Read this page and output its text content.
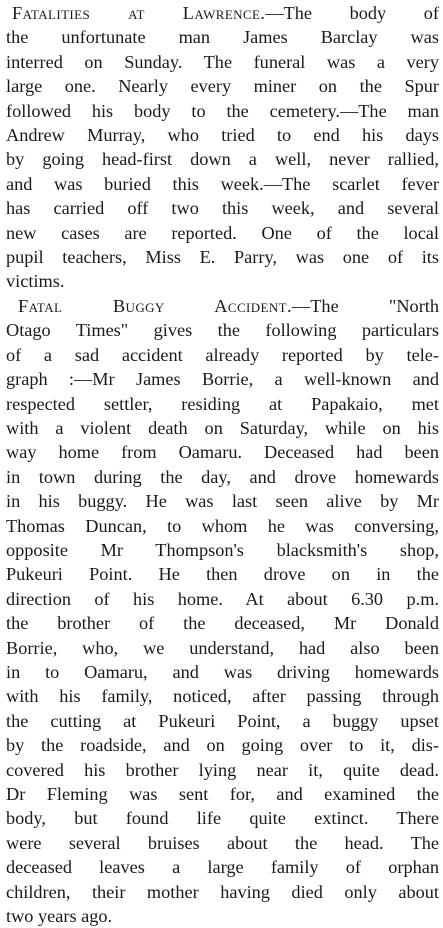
Fatalities at Lawrence.—The body of
the unfortunate man James Barclay was
interred on Sunday. The funeral was a very
large one. Nearly every miner on the Spur
followed his body to the cemetery.—The man
Andrew Murray, who tried to end his days
by going head-first down a well, never rallied,
and was buried this week.—The scarlet fever
has carried off two this week, and several
new cases are reported. One of the local
pupil teachers, Miss E. Parry, was one of its
victims.
Fatal Buggy Accident.—The "North
Otago Times" gives the following particulars
of a sad accident already reported by tele-
graph :—Mr James Borrie, a well-known and
respected settler, residing at Papakaio, met
with a violent death on Saturday, while on his
way home from Oamaru. Deceased had been
in town during the day, and drove homewards
in his buggy. He was last seen alive by Mr
Thomas Duncan, to whom he was conversing,
opposite Mr Thompson's blacksmith's shop,
Pukeuri Point. He then drove on in the
direction of his home. At about 6.30 p.m.
the brother of the deceased, Mr Donald
Borrie, who, we understand, had also been
in to Oamaru, and was driving homewards
with his family, noticed, after passing through
the cutting at Pukeuri Point, a buggy upset
by the roadside, and on going over to it, dis-
covered his brother lying near it, quite dead.
Dr Fleming was sent for, and examined the
body, but found life quite extinct. There
were several bruises about the head. The
deceased leaves a large family of orphan
children, their mother having died only about
two years ago.
